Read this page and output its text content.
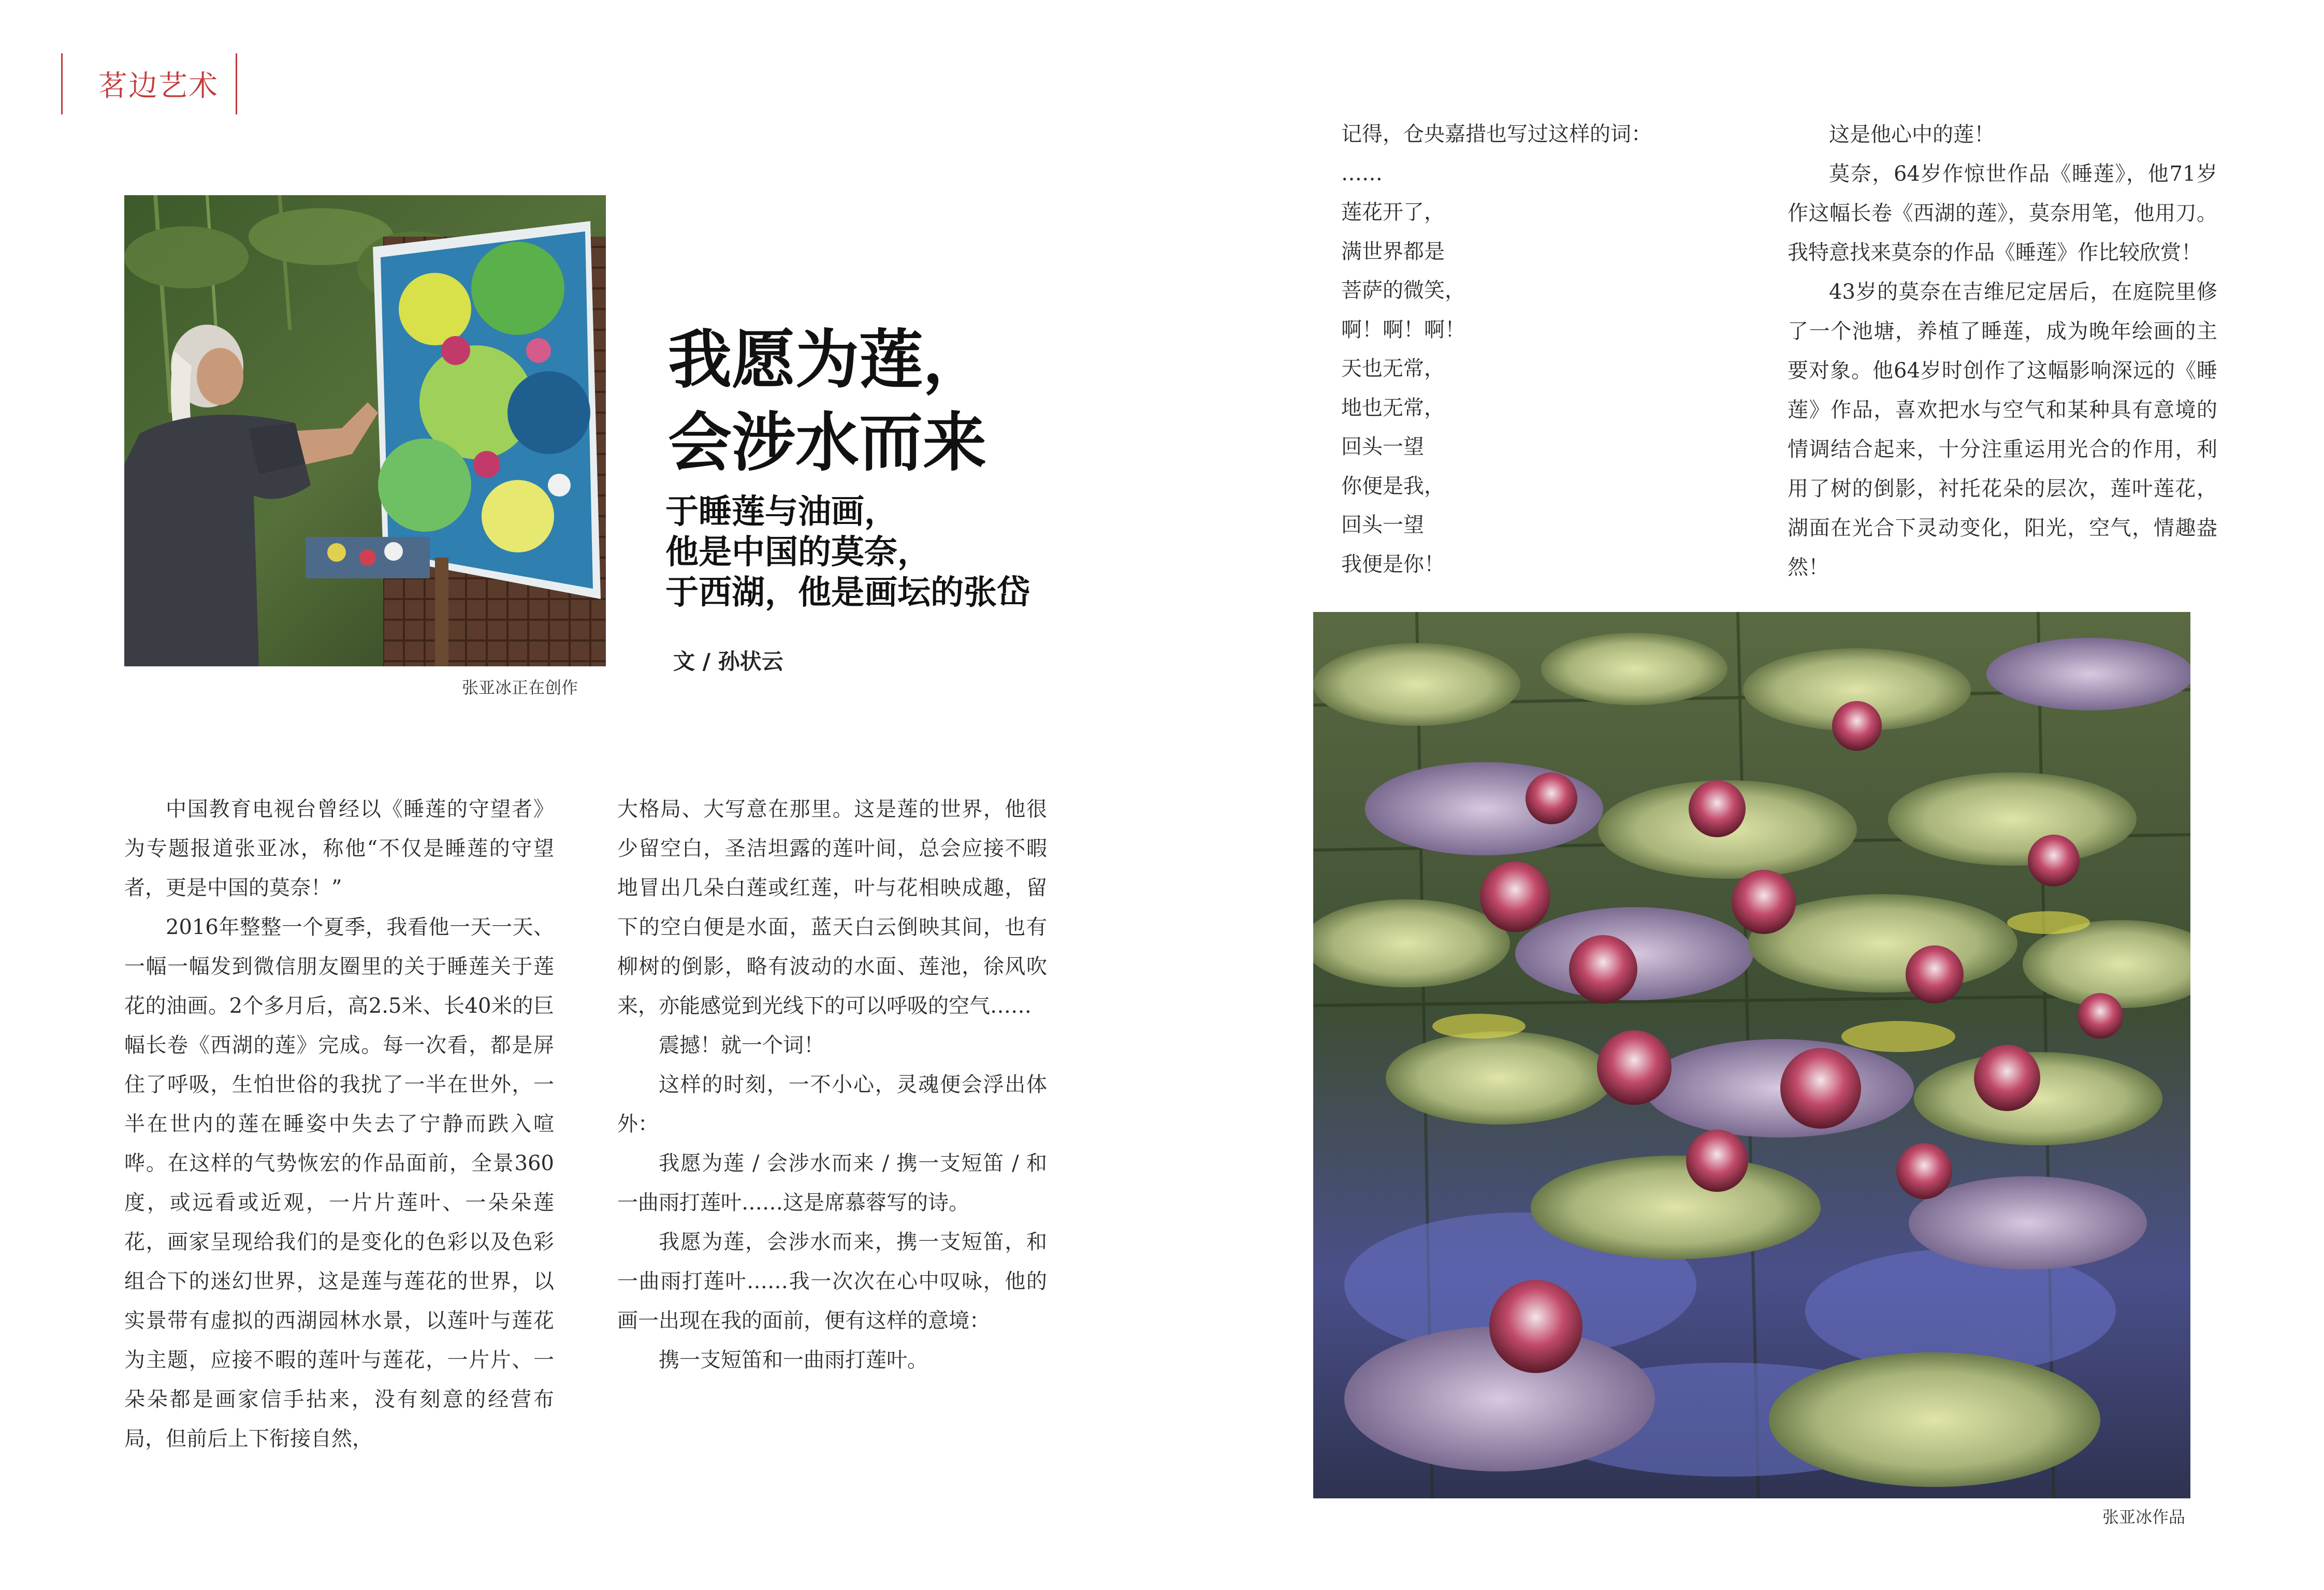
茗边艺术
张亚冰正在创作
我愿为莲，
会涉水而来
于睡莲与油画，
他是中国的莫奈，
于西湖，他是画坛的张岱
文 / 孙状云

中国教育电视台曾经以《睡莲的守望者》为专题报道张亚冰，称他“不仅是睡莲的守望者，更是中国的莫奈！”

2016年整整一个夏季，我看他一天一天、一幅一幅发到微信朋友圈里的关于睡莲关于莲花的油画。2个多月后，高2.5米、长40米的巨幅长卷《西湖的莲》完成。每一次看，都是屏住了呼吸，生怕世俗的我扰了一半在世外，一半在世内的莲在睡姿中失去了宁静而跌入喧哗。在这样的气势恢宏的作品面前，全景360度，或远看或近观，一片片莲叶、一朵朵莲花，画家呈现给我们的是变化的色彩以及色彩组合下的迷幻世界，这是莲与莲花的世界，以实景带有虚拟的西湖园林水景，以莲叶与莲花为主题，应接不暇的莲叶与莲花，一片片、一朵朵都是画家信手拈来，没有刻意的经营布局，但前后上下衔接自然，

大格局、大写意在那里。这是莲的世界，他很少留空白，圣洁坦露的莲叶间，总会应接不暇地冒出几朵白莲或红莲，叶与花相映成趣，留下的空白便是水面，蓝天白云倒映其间，也有柳树的倒影，略有波动的水面、莲池，徐风吹来，亦能感觉到光线下的可以呼吸的空气……

震撼！就一个词！

这样的时刻，一不小心，灵魂便会浮出体外：

我愿为莲 / 会涉水而来 / 携一支短笛 / 和一曲雨打莲叶……这是席慕蓉写的诗。

我愿为莲，会涉水而来，携一支短笛，和一曲雨打莲叶……我一次次在心中叹咏，他的画一出现在我的面前，便有这样的意境：

携一支短笛和一曲雨打莲叶。

记得，仓央嘉措也写过这样的词：
……
莲花开了，
满世界都是
菩萨的微笑，
啊！啊！啊！
天也无常，
地也无常，
回头一望
你便是我，
回头一望
我便是你！

这是他心中的莲！

莫奈，64岁作惊世作品《睡莲》，他71岁作这幅长卷《西湖的莲》，莫奈用笔，他用刀。我特意找来莫奈的作品《睡莲》作比较欣赏！

43岁的莫奈在吉维尼定居后，在庭院里修了一个池塘，养植了睡莲，成为晚年绘画的主要对象。他64岁时创作了这幅影响深远的《睡莲》作品，喜欢把水与空气和某种具有意境的情调结合起来，十分注重运用光合的作用，利用了树的倒影，衬托花朵的层次，莲叶莲花，湖面在光合下灵动变化，阳光，空气，情趣盎然！

张亚冰作品
